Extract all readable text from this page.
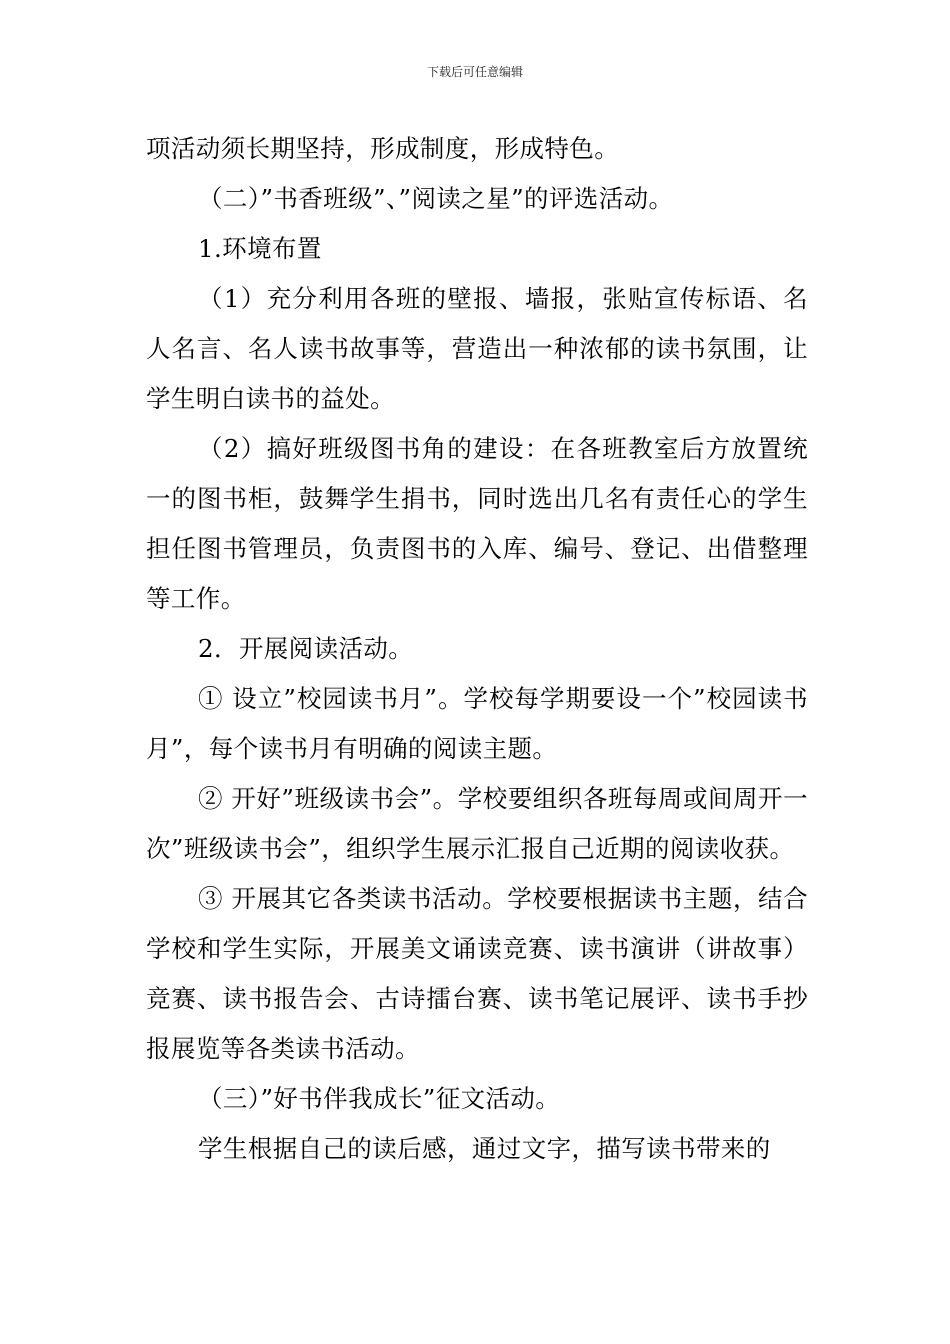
下载后可任意编辑

项活动须长期坚持，形成制度，形成特色。

（二）”书香班级”、”阅读之星”的评选活动。

1.环境布置

（1）充分利用各班的壁报、墙报，张贴宣传标语、名人名言、名人读书故事等，营造出一种浓郁的读书氛围，让学生明白读书的益处。

（2）搞好班级图书角的建设：在各班教室后方放置统一的图书柜，鼓舞学生捐书，同时选出几名有责任心的学生担任图书管理员，负责图书的入库、编号、登记、出借整理等工作。

2．开展阅读活动。

① 设立”校园读书月”。学校每学期要设一个”校园读书月”，每个读书月有明确的阅读主题。

② 开好”班级读书会”。学校要组织各班每周或间周开一次”班级读书会”，组织学生展示汇报自己近期的阅读收获。

③ 开展其它各类读书活动。学校要根据读书主题，结合学校和学生实际，开展美文诵读竞赛、读书演讲（讲故事）竞赛、读书报告会、古诗擂台赛、读书笔记展评、读书手抄报展览等各类读书活动。

（三）”好书伴我成长”征文活动。

学生根据自己的读后感，通过文字，描写读书带来的
